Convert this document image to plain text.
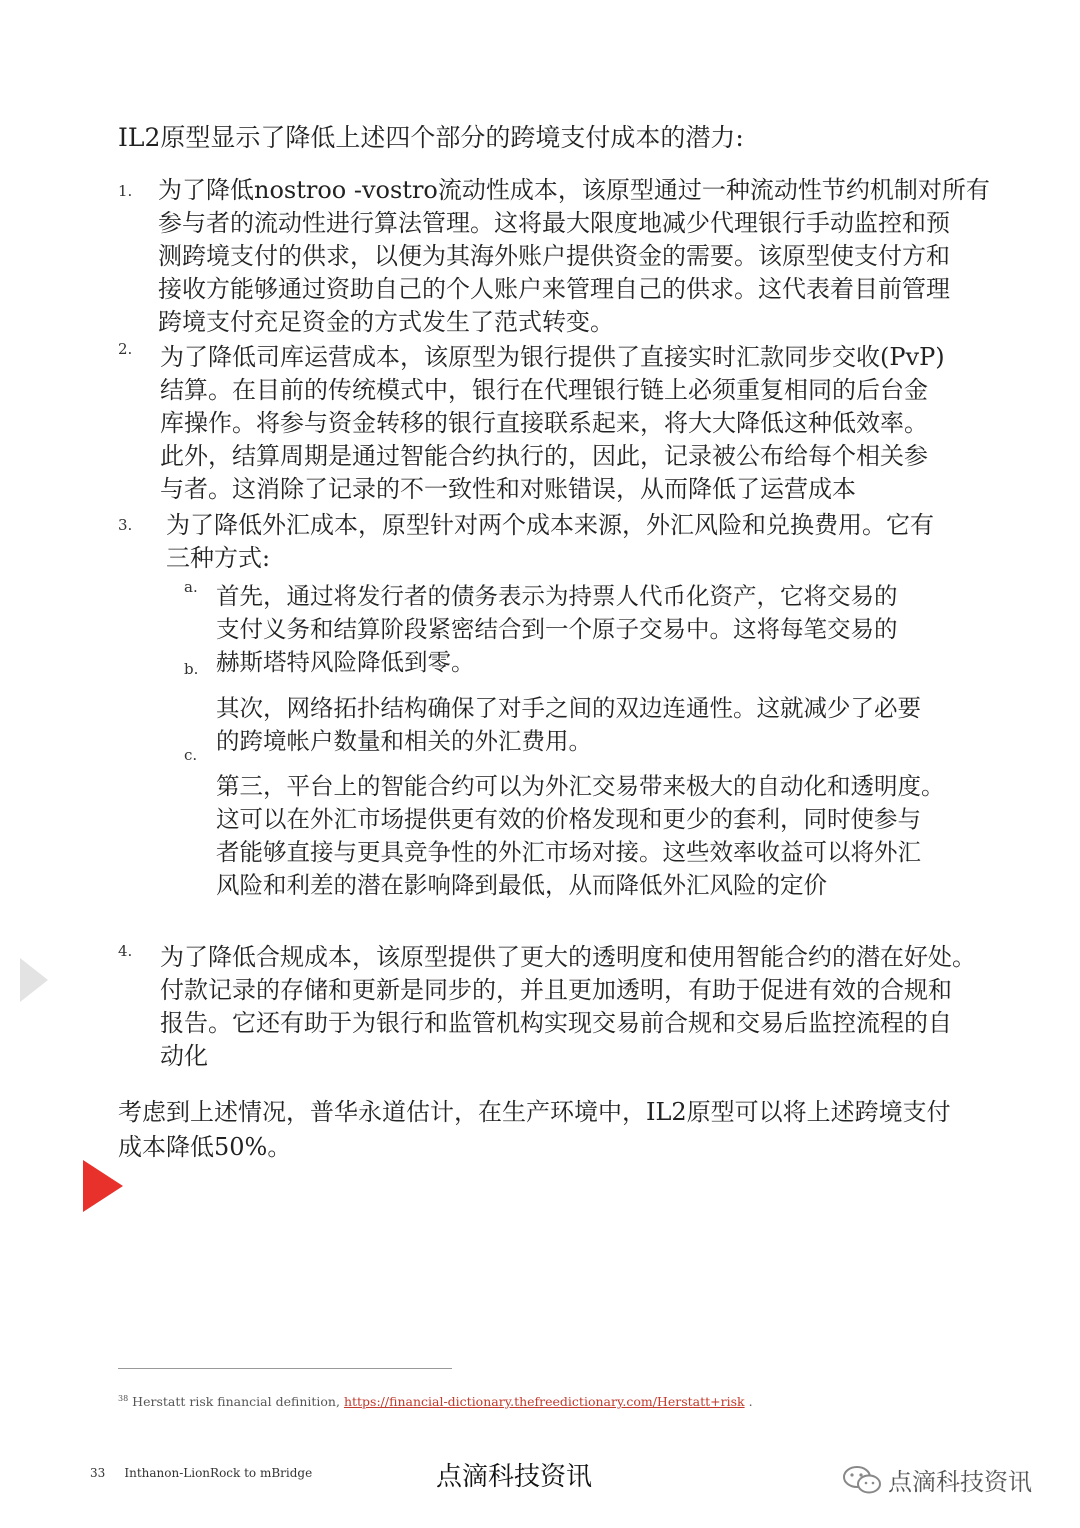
IL2原型显示了降低上述四个部分的跨境支付成本的潜力:
1. 为了降低nostroo -vostro流动性成本，该原型通过一种流动性节约机制对所有
参与者的流动性进行算法管理。这将最大限度地减少代理银行手动监控和预
测跨境支付的供求，以便为其海外账户提供资金的需要。该原型使支付方和
接收方能够通过资助自己的个人账户来管理自己的供求。这代表着目前管理
跨境支付充足资金的方式发生了范式转变。
2. 为了降低司库运营成本，该原型为银行提供了直接实时汇款同步交收(PvP)
结算。在目前的传统模式中，银行在代理银行链上必须重复相同的后台金
库操作。将参与资金转移的银行直接联系起来，将大大降低这种低效率。
此外，结算周期是通过智能合约执行的，因此，记录被公布给每个相关参
与者。这消除了记录的不一致性和对账错误，从而降低了运营成本
3. 为了降低外汇成本，原型针对两个成本来源，外汇风险和兑换费用。它有
三种方式:
a. 首先，通过将发行者的债务表示为持票人代币化资产，它将交易的
支付义务和结算阶段紧密结合到一个原子交易中。这将每笔交易的
赫斯塔特风险降低到零。
b.
其次，网络拓扑结构确保了对手之间的双边连通性。这就减少了必要
的跨境帐户数量和相关的外汇费用。
c.
第三，平台上的智能合约可以为外汇交易带来极大的自动化和透明度。
这可以在外汇市场提供更有效的价格发现和更少的套利，同时使参与
者能够直接与更具竞争性的外汇市场对接。这些效率收益可以将外汇
风险和利差的潜在影响降到最低，从而降低外汇风险的定价
4. 为了降低合规成本，该原型提供了更大的透明度和使用智能合约的潜在好处。
付款记录的存储和更新是同步的，并且更加透明，有助于促进有效的合规和
报告。它还有助于为银行和监管机构实现交易前合规和交易后监控流程的自
动化
考虑到上述情况，普华永道估计，在生产环境中，IL2原型可以将上述跨境支付
成本降低50%。
$^{38}$ Herstatt risk financial definition, https://financial-dictionary.thefreedictionary.com/Herstatt+risk .
33 Inthanon-LionRock to mBridge	点滴科技资讯	点滴科技资讯
